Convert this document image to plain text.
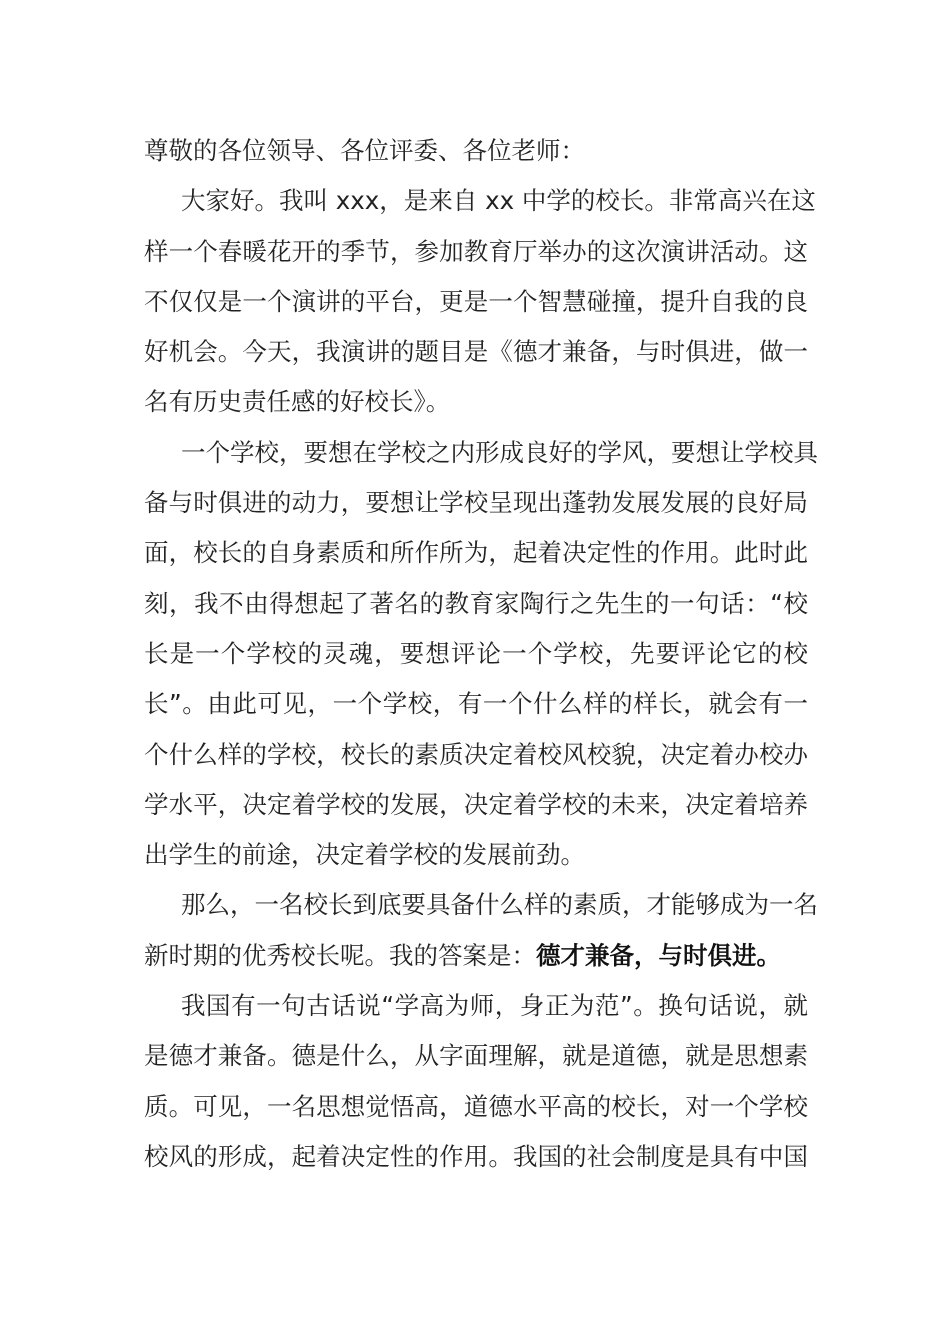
尊敬的各位领导、各位评委、各位老师：
大家好。我叫 xxx，是来自 xx 中学的校长。非常高兴在这
样一个春暖花开的季节，参加教育厅举办的这次演讲活动。这
不仅仅是一个演讲的平台，更是一个智慧碰撞，提升自我的良
好机会。今天，我演讲的题目是《德才兼备，与时俱进，做一
名有历史责任感的好校长》。
一个学校，要想在学校之内形成良好的学风，要想让学校具
备与时俱进的动力，要想让学校呈现出蓬勃发展发展的良好局
面，校长的自身素质和所作所为，起着决定性的作用。此时此
刻，我不由得想起了著名的教育家陶行之先生的一句话：“校
长是一个学校的灵魂，要想评论一个学校，先要评论它的校
长”。由此可见，一个学校，有一个什么样的样长，就会有一
个什么样的学校，校长的素质决定着校风校貌，决定着办校办
学水平，决定着学校的发展，决定着学校的未来，决定着培养
出学生的前途，决定着学校的发展前劲。
那么，一名校长到底要具备什么样的素质，才能够成为一名
新时期的优秀校长呢。我的答案是：德才兼备，与时俱进。
我国有一句古话说“学高为师，身正为范”。换句话说，就
是德才兼备。德是什么，从字面理解，就是道德，就是思想素
质。可见，一名思想觉悟高，道德水平高的校长，对一个学校
校风的形成，起着决定性的作用。我国的社会制度是具有中国
